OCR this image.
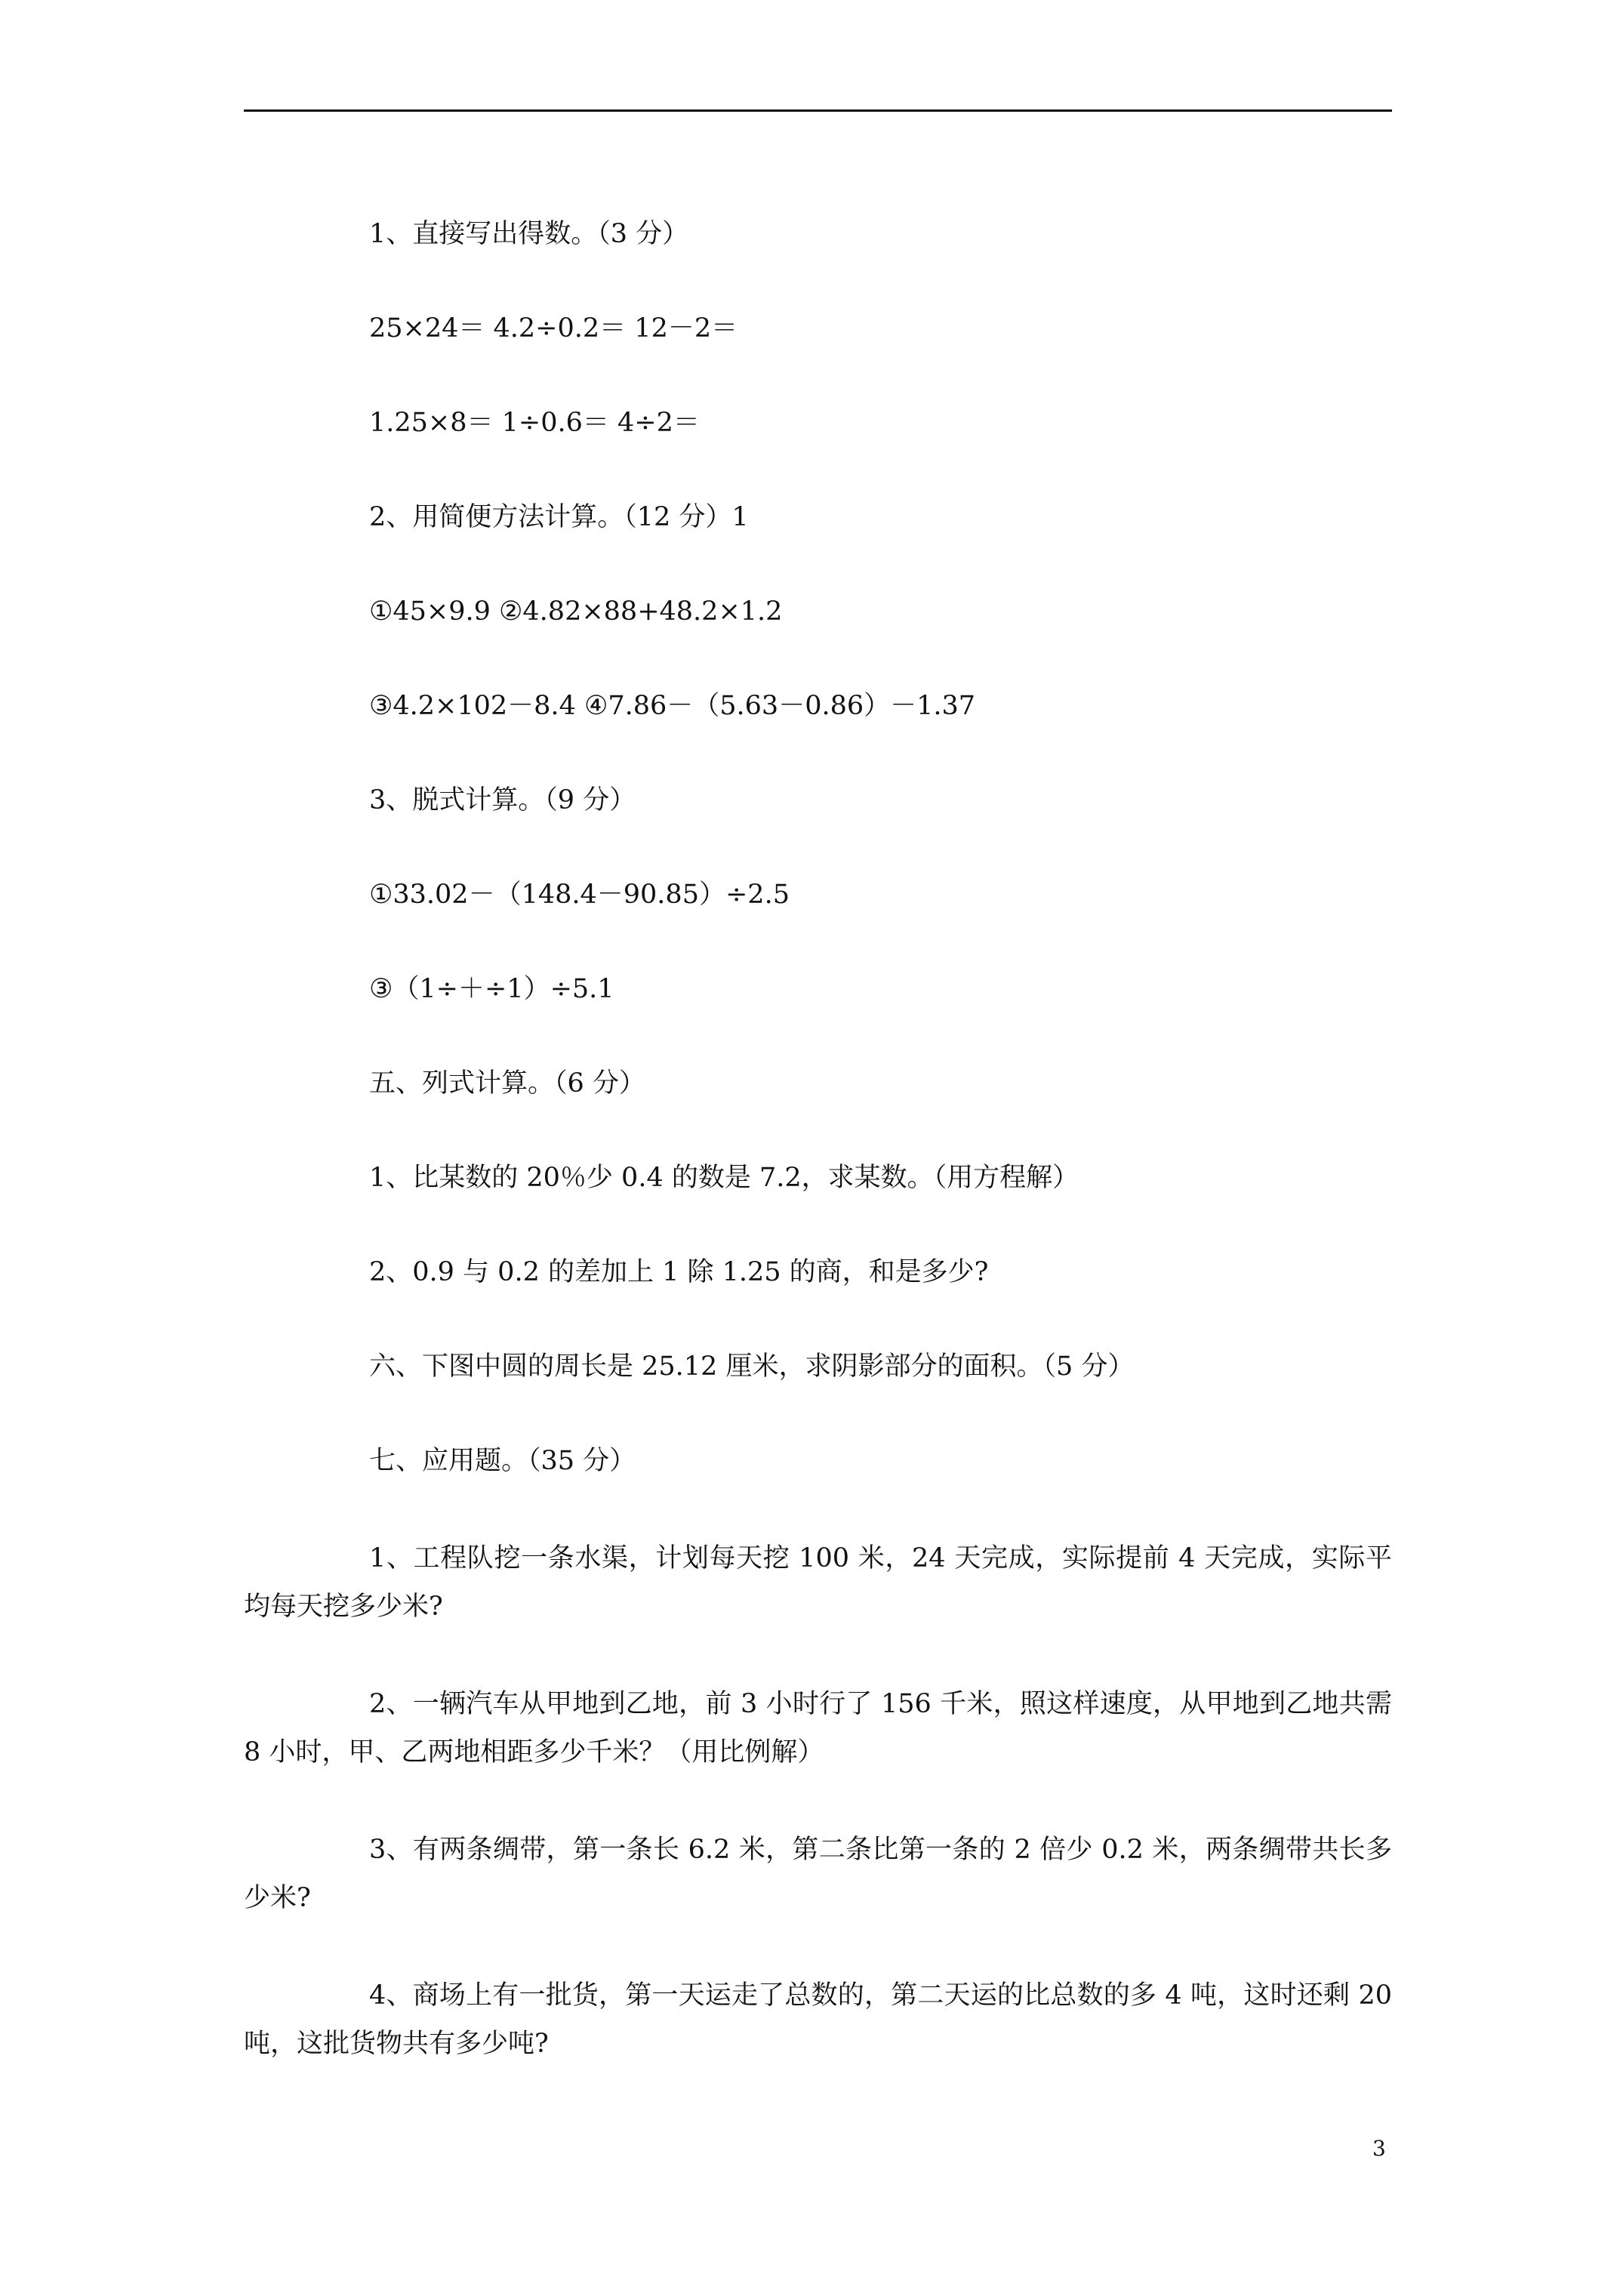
1、直接写出得数。（3 分）
25×24＝ 4.2÷0.2＝ 12－2＝
1.25×8＝ 1÷0.6＝ 4÷2＝
2、用简便方法计算。（12 分）1
①45×9.9 ②4.82×88+48.2×1.2
③4.2×102－8.4 ④7.86－（5.63－0.86）－1.37
3、脱式计算。（9 分）
①33.02－（148.4－90.85）÷2.5
③（1÷＋÷1）÷5.1
五、列式计算。（6 分）
1、比某数的 20％少 0.4 的数是 7.2，求某数。（用方程解）
2、0.9 与 0.2 的差加上 1 除 1.25 的商，和是多少?
六、下图中圆的周长是 25.12 厘米，求阴影部分的面积。（5 分）
七、应用题。（35 分）
1、工程队挖一条水渠，计划每天挖 100 米，24 天完成，实际提前 4 天完成，实际平均每天挖多少米?
2、一辆汽车从甲地到乙地，前 3 小时行了 156 千米，照这样速度，从甲地到乙地共需 8 小时，甲、乙两地相距多少千米？（用比例解）
3、有两条绸带，第一条长 6.2 米，第二条比第一条的 2 倍少 0.2 米，两条绸带共长多少米?
4、商场上有一批货，第一天运走了总数的，第二天运的比总数的多 4 吨，这时还剩 20 吨，这批货物共有多少吨?
3
